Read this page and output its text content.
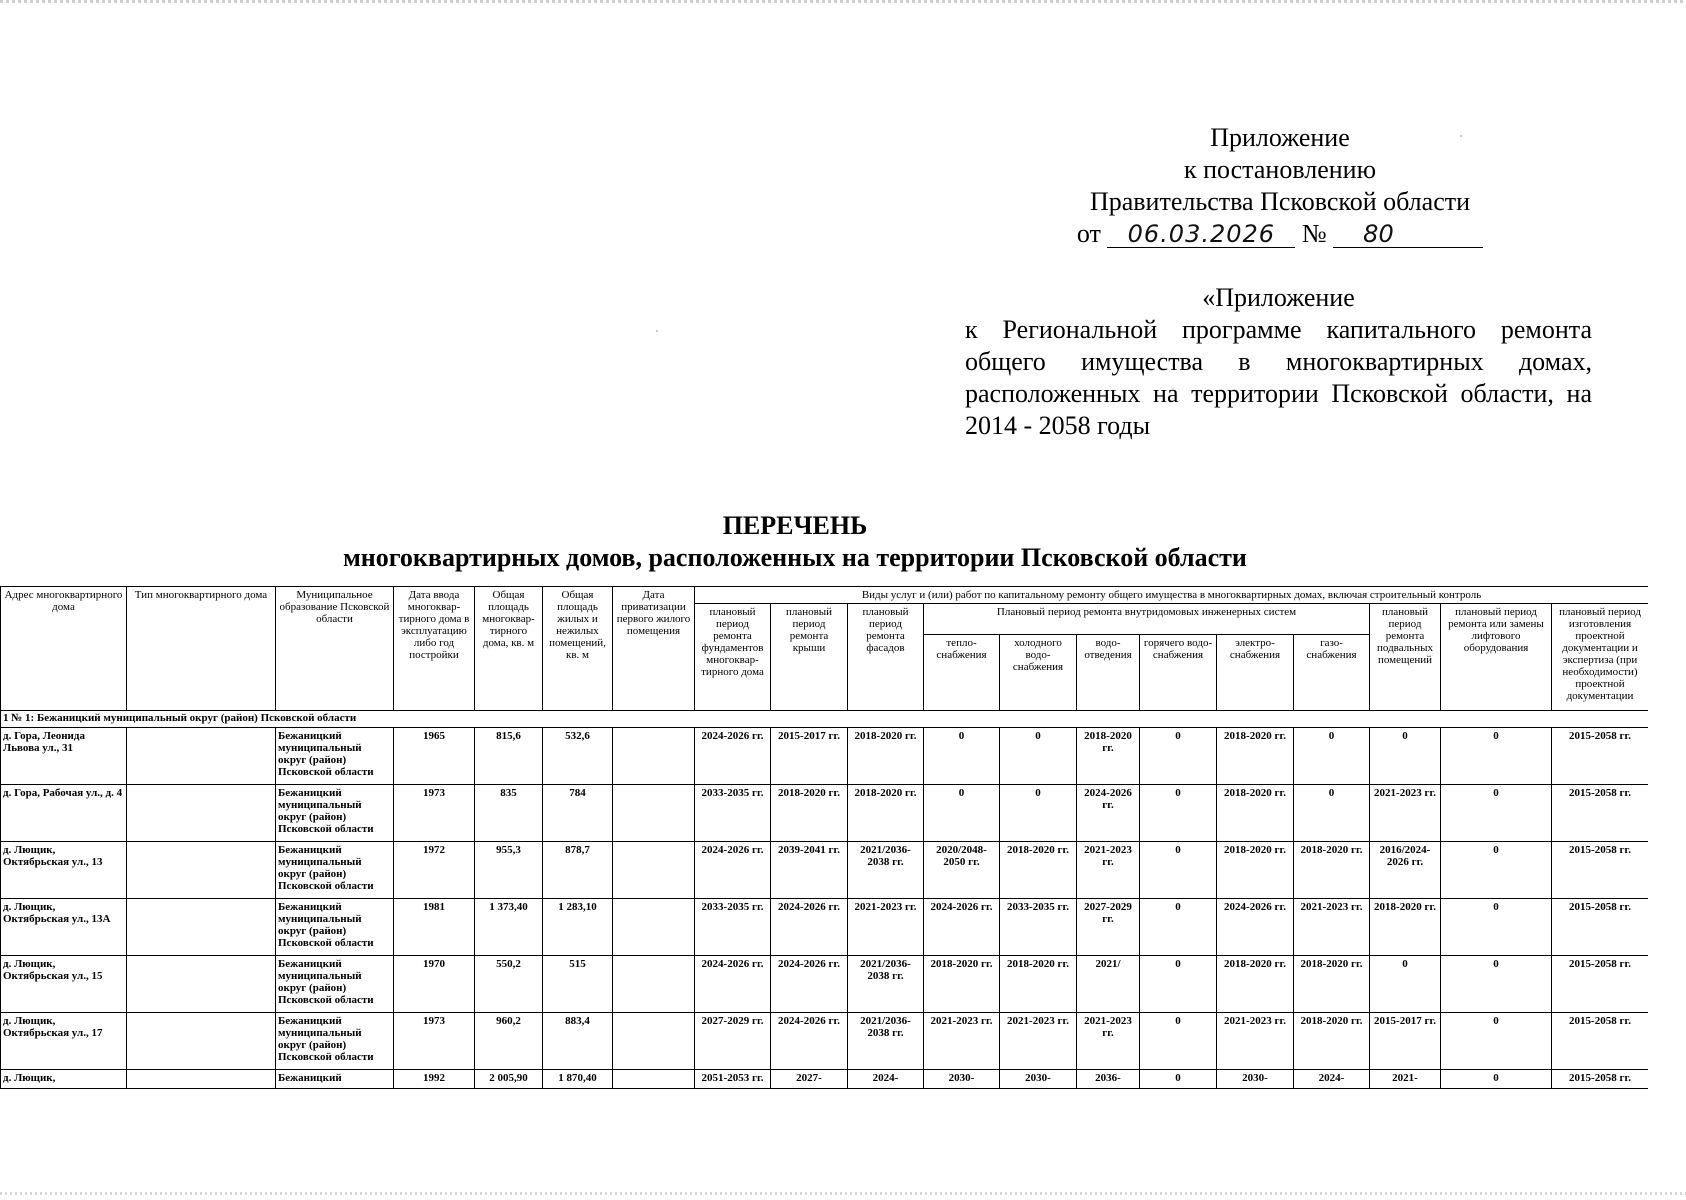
Приложение
к постановлению
Правительства Псковской области
от 06.03.2026 № 80
«Приложение
к Региональной программе капитального ремонта общего имущества в многоквартирных домах, расположенных на территории Псковской области, на 2014 - 2058 годы
ПЕРЕЧЕНЬ
многоквартирных домов, расположенных на территории Псковской области
Адрес многоквартирного дома	Тип многоквартирного дома	Муниципальное образование Псковской области	Дата ввода многоквар-тирного дома в эксплуатацию либо год постройки	Общая площадь многоквар-тирного дома, кв. м	Общая площадь жилых и нежилых помещений, кв. м	Дата приватизации первого жилого помещения	Виды услуг и (или) работ по капитальному ремонту общего имущества в многоквартирных домах, включая строительный контроль											
							плановый период ремонта фундаментов многоквар-тирного дома	плановый период ремонта крыши	плановый период ремонта фасадов	Плановый период ремонта внутридомовых инженерных систем						плановый период ремонта подвальных помещений	плановый период ремонта или замены лифтового оборудования	плановый период изготовления проектной документации и экспертиза (при необходимости) проектной документации
										тепло-снабжения	холодного водо-снабжения	водо-отведения	горячего водо-снабжения	электро-снабжения	газо-снабжения			
1 № 1: Бежаницкий муниципальный округ (район) Псковской области																		
д. Гора, Леонида Львова ул., 31		Бежаницкий муниципальный округ (район) Псковской области	1965	815,6	532,6		2024-2026 гг.	2015-2017 гг.	2018-2020 гг.	0	0	2018-2020 гг.	0	2018-2020 гг.	0	0	0	2015-2058 гг.
д. Гора, Рабочая ул., д. 4		Бежаницкий муниципальный округ (район) Псковской области	1973	835	784		2033-2035 гг.	2018-2020 гг.	2018-2020 гг.	0	0	2024-2026 гг.	0	2018-2020 гг.	0	2021-2023 гг.	0	2015-2058 гг.
д. Лющик, Октябрьская ул., 13		Бежаницкий муниципальный округ (район) Псковской области	1972	955,3	878,7		2024-2026 гг.	2039-2041 гг.	2021/2036-2038 гг.	2020/2048-2050 гг.	2018-2020 гг.	2021-2023 гг.	0	2018-2020 гг.	2018-2020 гг.	2016/2024-2026 гг.	0	2015-2058 гг.
д. Лющик, Октябрьская ул., 13А		Бежаницкий муниципальный округ (район) Псковской области	1981	1 373,40	1 283,10		2033-2035 гг.	2024-2026 гг.	2021-2023 гг.	2024-2026 гг.	2033-2035 гг.	2027-2029 гг.	0	2024-2026 гг.	2021-2023 гг.	2018-2020 гг.	0	2015-2058 гг.
д. Лющик, Октябрьская ул., 15		Бежаницкий муниципальный округ (район) Псковской области	1970	550,2	515		2024-2026 гг.	2024-2026 гг.	2021/2036-2038 гг.	2018-2020 гг.	2018-2020 гг.	2021/	0	2018-2020 гг.	2018-2020 гг.	0	0	2015-2058 гг.
д. Лющик, Октябрьская ул., 17		Бежаницкий муниципальный округ (район) Псковской области	1973	960,2	883,4		2027-2029 гг.	2024-2026 гг.	2021/2036-2038 гг.	2021-2023 гг.	2021-2023 гг.	2021-2023 гг.	0	2021-2023 гг.	2018-2020 гг.	2015-2017 гг.	0	2015-2058 гг.
д. Лющик,		Бежаницкий	1992	2 005,90	1 870,40		2051-2053 гг.	2027-	2024-	2030-	2030-	2036-	0	2030-	2024-	2021-	0	2015-2058 гг.
